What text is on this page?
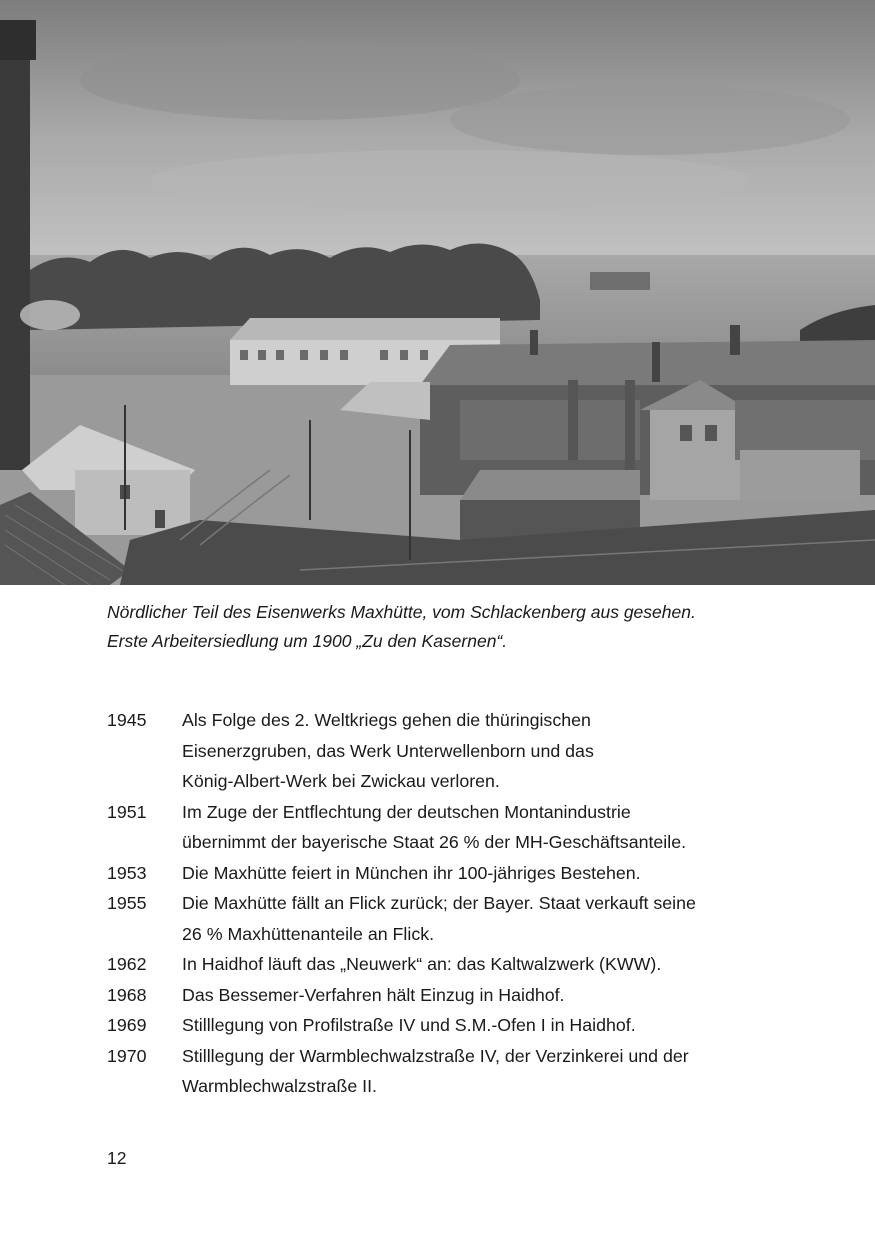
Nördlicher Teil des Eisenwerks Maxhütte, vom Schlackenberg aus gesehen.
Erste Arbeitersiedlung um 1900 „Zu den Kasernen“.
1945	Als Folge des 2. Weltkriegs gehen die thüringischen
Eisenerzgruben, das Werk Unterwellenborn und das
König-Albert-Werk bei Zwickau verloren.
1951	Im Zuge der Entflechtung der deutschen Montanindustrie
übernimmt der bayerische Staat 26 % der MH-Geschäftsanteile.
1953	Die Maxhütte feiert in München ihr 100-jähriges Bestehen.
1955	Die Maxhütte fällt an Flick zurück; der Bayer. Staat verkauft seine
26 % Maxhüttenanteile an Flick.
1962	In Haidhof läuft das „Neuwerk“ an: das Kaltwalzwerk (KWW).
1968	Das Bessemer-Verfahren hält Einzug in Haidhof.
1969	Stilllegung von Profilstraße IV und S.M.-Ofen I in Haidhof.
1970	Stilllegung der Warmblechwalzstraße IV, der Verzinkerei und der
Warmblechwalzstraße II.
12
